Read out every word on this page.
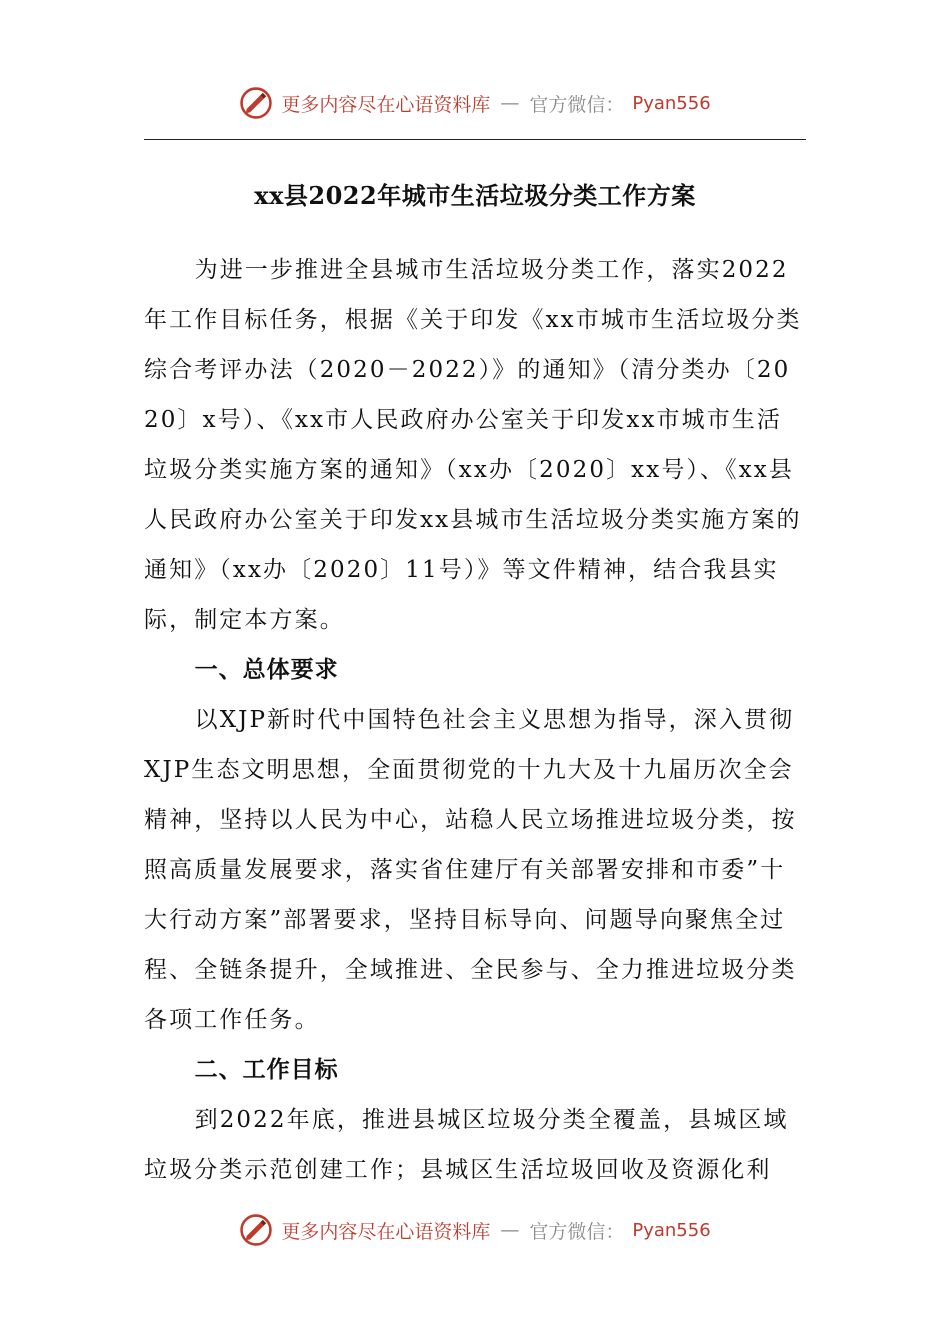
更多内容尽在心语资料库 — 官方微信： Pyan556
xx县2022年城市生活垃圾分类工作方案

为进一步推进全县城市生活垃圾分类工作，落实2022年工作目标任务，根据《关于印发《xx市城市生活垃圾分类综合考评办法（2020－2022）》的通知》（清分类办〔2020〕x号）、《xx市人民政府办公室关于印发xx市城市生活垃圾分类实施方案的通知》（xx办〔2020〕xx号）、《xx县人民政府办公室关于印发xx县城市生活垃圾分类实施方案的通知》（xx办〔2020〕11号）》等文件精神，结合我县实际，制定本方案。

一、总体要求

以XJP新时代中国特色社会主义思想为指导，深入贯彻XJP生态文明思想，全面贯彻党的十九大及十九届历次全会精神，坚持以人民为中心，站稳人民立场推进垃圾分类，按照高质量发展要求，落实省住建厅有关部署安排和市委”十大行动方案”部署要求，坚持目标导向、问题导向聚焦全过程、全链条提升，全域推进、全民参与、全力推进垃圾分类各项工作任务。

二、工作目标

到2022年底，推进县城区垃圾分类全覆盖，县城区域垃圾分类示范创建工作；县城区生活垃圾回收及资源化利

更多内容尽在心语资料库 — 官方微信： Pyan556
